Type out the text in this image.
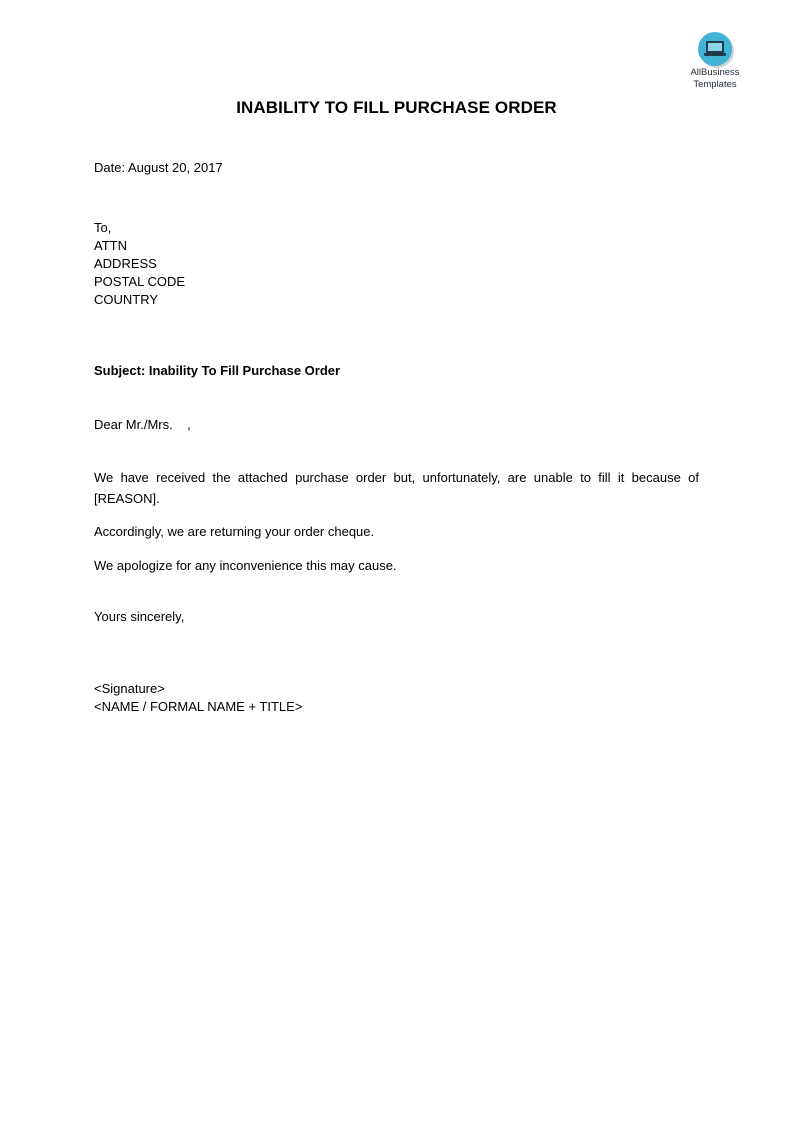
AllBusiness
Templates
INABILITY TO FILL PURCHASE ORDER
Date: August 20, 2017
To,
ATTN
ADDRESS
POSTAL CODE
COUNTRY
Subject: Inability To Fill Purchase Order
Dear Mr./Mrs.    ,
We have received the attached purchase order but, unfortunately, are unable to fill it because of [REASON].
Accordingly, we are returning your order cheque.
We apologize for any inconvenience this may cause.
Yours sincerely,
<Signature>
<NAME / FORMAL NAME + TITLE>
